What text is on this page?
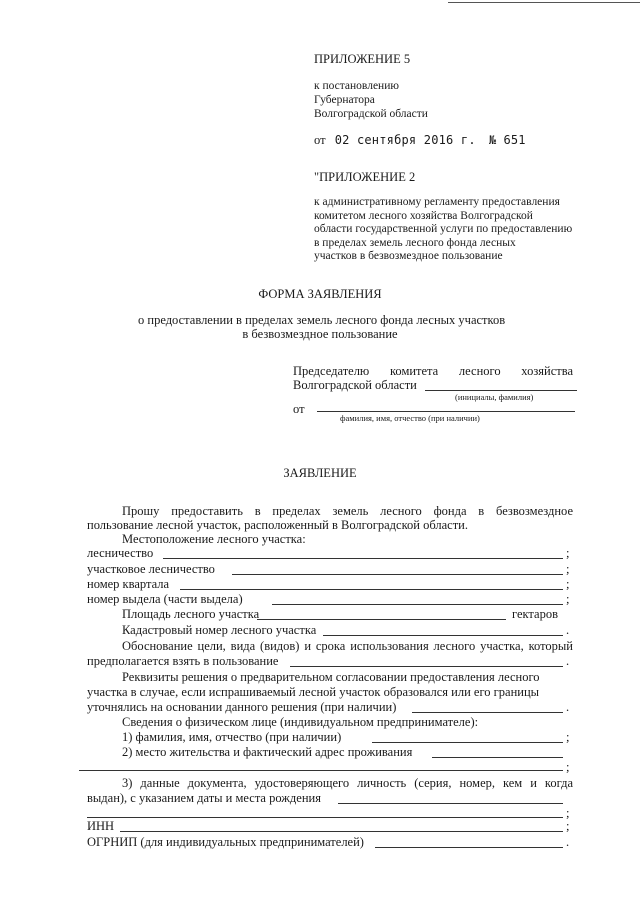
ПРИЛОЖЕНИЕ 5
к постановлению
Губернатора
Волгоградской области
от 02 сентября 2016 г. № 651
"ПРИЛОЖЕНИЕ 2
к административному регламенту предоставления
комитетом лесного хозяйства Волгоградской
области государственной услуги по предоставлению
в пределах земель лесного фонда лесных
участков в безвозмездное пользование
ФОРМА ЗАЯВЛЕНИЯ
о предоставлении в пределах земель лесного фонда лесных участков
в безвозмездное пользование
Председателю комитета лесного хозяйства
Волгоградской области
(инициалы, фамилия)
от
фамилия, имя, отчество (при наличии)
ЗАЯВЛЕНИЕ
Прошу предоставить в пределах земель лесного фонда в безвозмездное
пользование лесной участок, расположенный в Волгоградской области.
Местоположение лесного участка:
лесничество	;
участковое лесничество	;
номер квартала	;
номер выдела (части выдела)	;
Площадь лесного участка	гектаров
Кадастровый номер лесного участка	.
Обоснование цели, вида (видов) и срока использования лесного участка, который
предполагается взять в пользование	.
Реквизиты решения о предварительном согласовании предоставления лесного
участка в случае, если испрашиваемый лесной участок образовался или его границы
уточнялись на основании данного решения (при наличии)	.
Сведения о физическом лице (индивидуальном предпринимателе):
1) фамилия, имя, отчество (при наличии)	;
2) место жительства и фактический адрес проживания
;
3) данные документа, удостоверяющего личность (серия, номер, кем и когда
выдан), с указанием даты и места рождения
;
ИНН	;
ОГРНИП (для индивидуальных предпринимателей)	.
